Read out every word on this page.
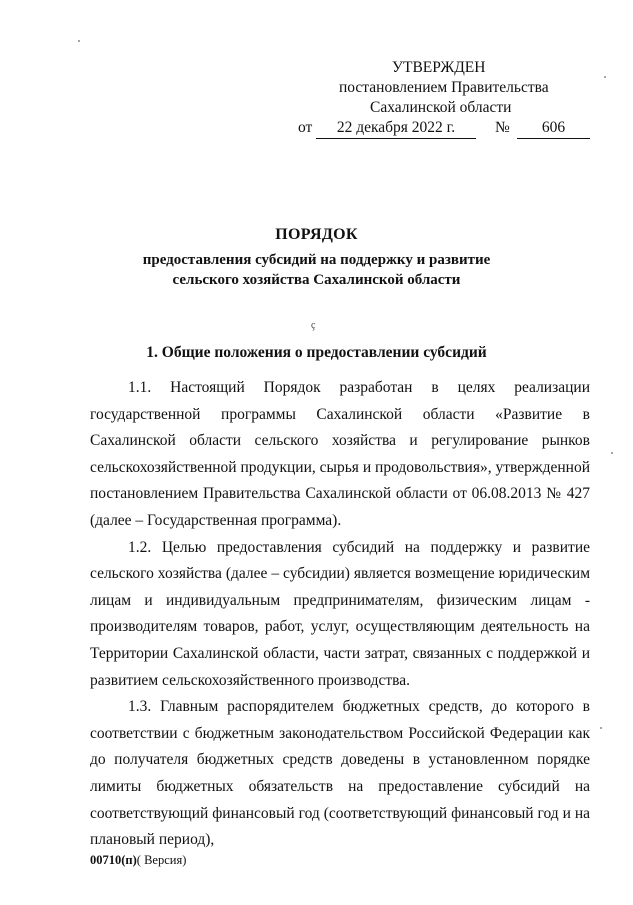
УТВЕРЖДЕН
постановлением Правительства
Сахалинской области
от	22 декабря 2022 г.	№	606
ПОРЯДОК
предоставления субсидий на поддержку и развитие
сельского хозяйства Сахалинской области
ç
1. Общие положения о предоставлении субсидий

1.1. Настоящий Порядок разработан в целях реализации государственной программы Сахалинской области «Развитие в Сахалинской области сельского хозяйства и регулирование рынков сельскохозяйственной продукции, сырья и продовольствия», утвержденной постановлением Правительства Сахалинской области от 06.08.2013 № 427 (далее – Государственная программа).

1.2. Целью предоставления субсидий на поддержку и развитие сельского хозяйства (далее – субсидии) является возмещение юридическим лицам и индивидуальным предпринимателям, физическим лицам - производителям товаров, работ, услуг, осуществляющим деятельность на Территории Сахалинской области, части затрат, связанных с поддержкой и развитием сельскохозяйственного производства.

1.3. Главным распорядителем бюджетных средств, до которого в соответствии с бюджетным законодательством Российской Федерации как до получателя бюджетных средств доведены в установленном порядке лимиты бюджетных обязательств на предоставление субсидий на соответствующий финансовый год (соответствующий финансовый год и на плановый период),

00710(п)( Версия)
